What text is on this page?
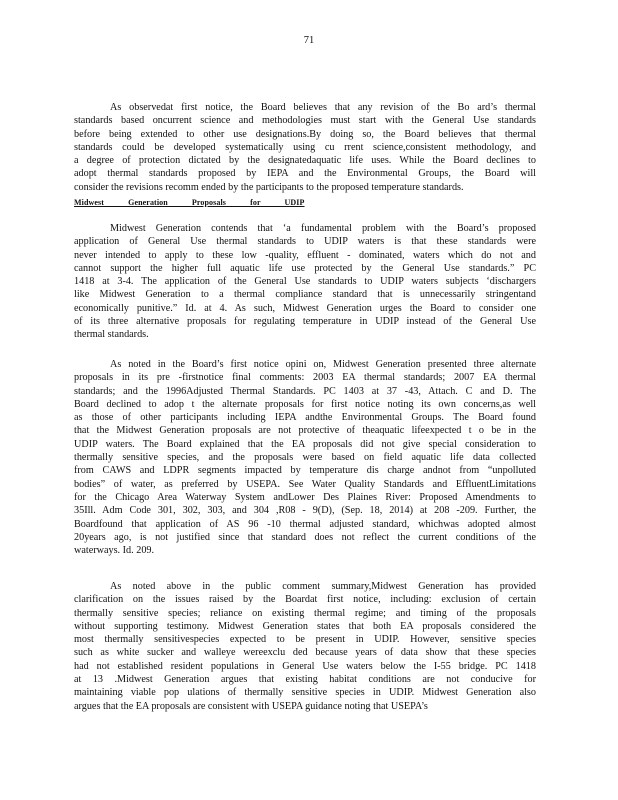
71

As observedat first notice, the Board believes that any revision of the Bo ard’s thermal
standards based oncurrent science and methodologies must start with the General Use standards
before being extended to other use designations.By doing so, the Board believes that thermal
standards could be developed systematically using cu rrent science,consistent methodology, and
a degree of protection dictated by the designatedaquatic life uses. While the Board declines to
adopt thermal standards proposed by IEPA and the Environmental Groups, the Board will
consider the revisions recomm ended by the participants to the proposed temperature standards.

Midwest Generation Proposals for UDIP

Midwest Generation contends that ‘a fundamental problem with the Board’s proposed
application of General Use thermal standards to UDIP waters is that these standards were
never intended to apply to these low -quality, effluent - dominated, waters which do not and
cannot support the higher full aquatic life use protected by the General Use standards.” PC
1418 at 3-4. The application of the General Use standards to UDIP waters subjects ‘dischargers
like Midwest Generation to a thermal compliance standard that is unnecessarily stringentand
economically punitive.” Id. at 4. As such, Midwest Generation urges the Board to consider one
of its three alternative proposals for regulating temperature in UDIP instead of the General Use
thermal standards.

As noted in the Board’s first notice opini on, Midwest Generation presented three alternate
proposals in its pre -firstnotice final comments: 2003 EA thermal standards; 2007 EA thermal
standards; and the 1996Adjusted Thermal Standards. PC 1403 at 37 -43, Attach. C and D. The
Board declined to adop t the alternate proposals for first notice noting its own concerns,as well
as those of other participants including IEPA andthe Environmental Groups. The Board found
that the Midwest Generation proposals are not protective of theaquatic lifeexpected t o be in the
UDIP waters. The Board explained that the EA proposals did not give special consideration to
thermally sensitive species, and the proposals were based on field aquatic life data collected
from CAWS and LDPR segments impacted by temperature dis charge andnot from “unpolluted
bodies” of water, as preferred by USEPA. See Water Quality Standards and EffluentLimitations
for the Chicago Area Waterway System andLower Des Plaines River: Proposed Amendments to
35Ill. Adm Code 301, 302, 303, and 304 ,R08 - 9(D), (Sep. 18, 2014) at 208 -209. Further, the
Boardfound that application of AS 96 -10 thermal adjusted standard, whichwas adopted almost
20years ago, is not justified since that standard does not reflect the current conditions of the
waterways. Id. 209.

As noted above in the public comment summary,Midwest Generation has provided
clarification on the issues raised by the Boardat first notice, including: exclusion of certain
thermally sensitive species; reliance on existing thermal regime; and timing of the proposals
without supporting testimony. Midwest Generation states that both EA proposals considered the
most thermally sensitivespecies expected to be present in UDIP. However, sensitive species
such as white sucker and walleye wereexclu ded because years of data show that these species
had not established resident populations in General Use waters below the I-55 bridge. PC 1418
at 13 .Midwest Generation argues that existing habitat conditions are not conducive for
maintaining viable pop ulations of thermally sensitive species in UDIP. Midwest Generation also
argues that the EA proposals are consistent with USEPA guidance noting that USEPA’s
